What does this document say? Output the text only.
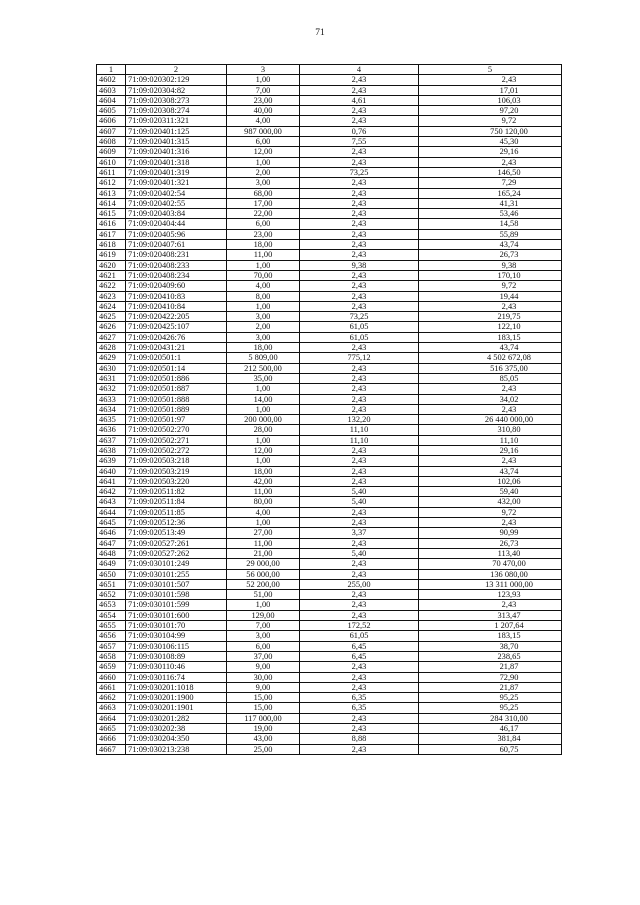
71
1	2	3	4	5
4602	71:09:020302:129	1,00	2,43	2,43
4603	71:09:020304:82	7,00	2,43	17,01
4604	71:09:020308:273	23,00	4,61	106,03
4605	71:09:020308:274	40,00	2,43	97,20
4606	71:09:020311:321	4,00	2,43	9,72
4607	71:09:020401:125	987 000,00	0,76	750 120,00
4608	71:09:020401:315	6,00	7,55	45,30
4609	71:09:020401:316	12,00	2,43	29,16
4610	71:09:020401:318	1,00	2,43	2,43
4611	71:09:020401:319	2,00	73,25	146,50
4612	71:09:020401:321	3,00	2,43	7,29
4613	71:09:020402:54	68,00	2,43	165,24
4614	71:09:020402:55	17,00	2,43	41,31
4615	71:09:020403:84	22,00	2,43	53,46
4616	71:09:020404:44	6,00	2,43	14,58
4617	71:09:020405:96	23,00	2,43	55,89
4618	71:09:020407:61	18,00	2,43	43,74
4619	71:09:020408:231	11,00	2,43	26,73
4620	71:09:020408:233	1,00	9,38	9,38
4621	71:09:020408:234	70,00	2,43	170,10
4622	71:09:020409:60	4,00	2,43	9,72
4623	71:09:020410:83	8,00	2,43	19,44
4624	71:09:020410:84	1,00	2,43	2,43
4625	71:09:020422:205	3,00	73,25	219,75
4626	71:09:020425:107	2,00	61,05	122,10
4627	71:09:020426:76	3,00	61,05	183,15
4628	71:09:020431:21	18,00	2,43	43,74
4629	71:09:020501:1	5 809,00	775,12	4 502 672,08
4630	71:09:020501:14	212 500,00	2,43	516 375,00
4631	71:09:020501:886	35,00	2,43	85,05
4632	71:09:020501:887	1,00	2,43	2,43
4633	71:09:020501:888	14,00	2,43	34,02
4634	71:09:020501:889	1,00	2,43	2,43
4635	71:09:020501:97	200 000,00	132,20	26 440 000,00
4636	71:09:020502:270	28,00	11,10	310,80
4637	71:09:020502:271	1,00	11,10	11,10
4638	71:09:020502:272	12,00	2,43	29,16
4639	71:09:020503:218	1,00	2,43	2,43
4640	71:09:020503:219	18,00	2,43	43,74
4641	71:09:020503:220	42,00	2,43	102,06
4642	71:09:020511:82	11,00	5,40	59,40
4643	71:09:020511:84	80,00	5,40	432,00
4644	71:09:020511:85	4,00	2,43	9,72
4645	71:09:020512:36	1,00	2,43	2,43
4646	71:09:020513:49	27,00	3,37	90,99
4647	71:09:020527:261	11,00	2,43	26,73
4648	71:09:020527:262	21,00	5,40	113,40
4649	71:09:030101:249	29 000,00	2,43	70 470,00
4650	71:09:030101:255	56 000,00	2,43	136 080,00
4651	71:09:030101:507	52 200,00	255,00	13 311 000,00
4652	71:09:030101:598	51,00	2,43	123,93
4653	71:09:030101:599	1,00	2,43	2,43
4654	71:09:030101:600	129,00	2,43	313,47
4655	71:09:030101:70	7,00	172,52	1 207,64
4656	71:09:030104:99	3,00	61,05	183,15
4657	71:09:030106:115	6,00	6,45	38,70
4658	71:09:030108:89	37,00	6,45	238,65
4659	71:09:030110:46	9,00	2,43	21,87
4660	71:09:030116:74	30,00	2,43	72,90
4661	71:09:030201:1018	9,00	2,43	21,87
4662	71:09:030201:1900	15,00	6,35	95,25
4663	71:09:030201:1901	15,00	6,35	95,25
4664	71:09:030201:282	117 000,00	2,43	284 310,00
4665	71:09:030202:38	19,00	2,43	46,17
4666	71:09:030204:350	43,00	8,88	381,84
4667	71:09:030213:238	25,00	2,43	60,75
